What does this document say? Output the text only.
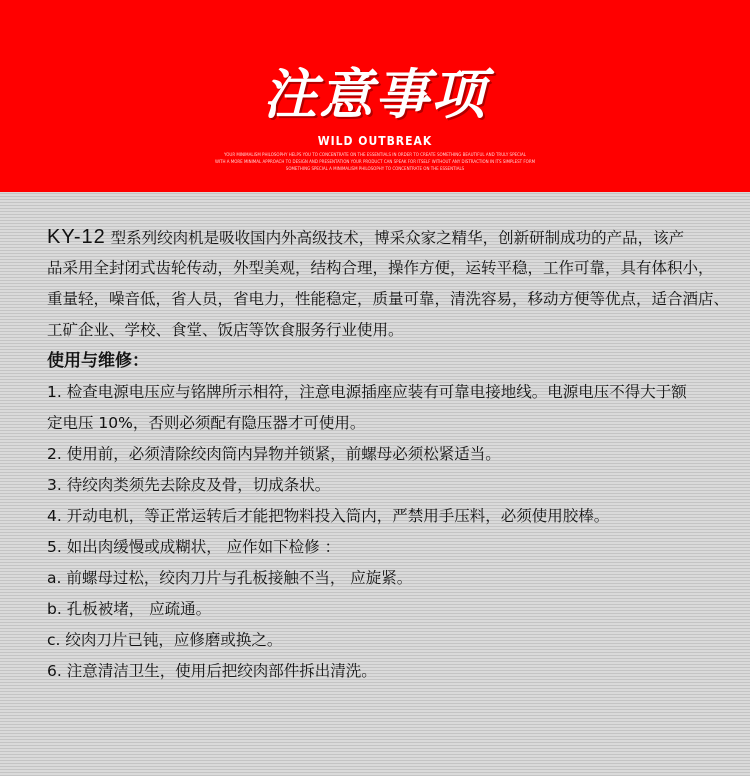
注意事项
WILD OUTBREAK
YOUR MINIMALISM PHILOSOPHY HELPS YOU TO CONCENTRATE ON THE ESSENTIALS IN ORDER TO CREATE SOMETHING BEAUTIFUL AND TRULY SPECIAL
WITH A MORE MINIMAL APPROACH TO DESIGN AND PRESENTATION YOUR PRODUCT CAN SPEAK FOR ITSELF WITHOUT ANY DISTRACTION IN ITS SIMPLEST FORM
SOMETHING SPECIAL A MINIMALISM PHILOSOPHY TO CONCENTRATE ON THE ESSENTIALS
KY-12 型系列绞肉机是吸收国内外高级技术，博采众家之精华，创新研制成功的产品，该产
品采用全封闭式齿轮传动，外型美观，结构合理，操作方便，运转平稳，工作可靠，具有体积小，
重量轻，噪音低，省人员，省电力，性能稳定，质量可靠，清洗容易，移动方便等优点，适合酒店、
工矿企业、学校、食堂、饭店等饮食服务行业使用。
使用与维修：
1. 检查电源电压应与铭牌所示相符，注意电源插座应装有可靠电接地线。电源电压不得大于额
定电压 10%，否则必须配有隐压器才可使用。
2. 使用前，必须清除绞肉筒内异物并锁紧，前螺母必须松紧适当。
3. 待绞肉类须先去除皮及骨，切成条状。
4. 开动电机，等正常运转后才能把物料投入筒内，严禁用手压料，必须使用胶棒。
5. 如出肉缓慢或成糊状， 应作如下检修 ：
a. 前螺母过松，绞肉刀片与孔板接触不当， 应旋紧。
b. 孔板被堵， 应疏通。
c. 绞肉刀片已钝，应修磨或换之。
6. 注意清洁卫生，使用后把绞肉部件拆出清洗。
